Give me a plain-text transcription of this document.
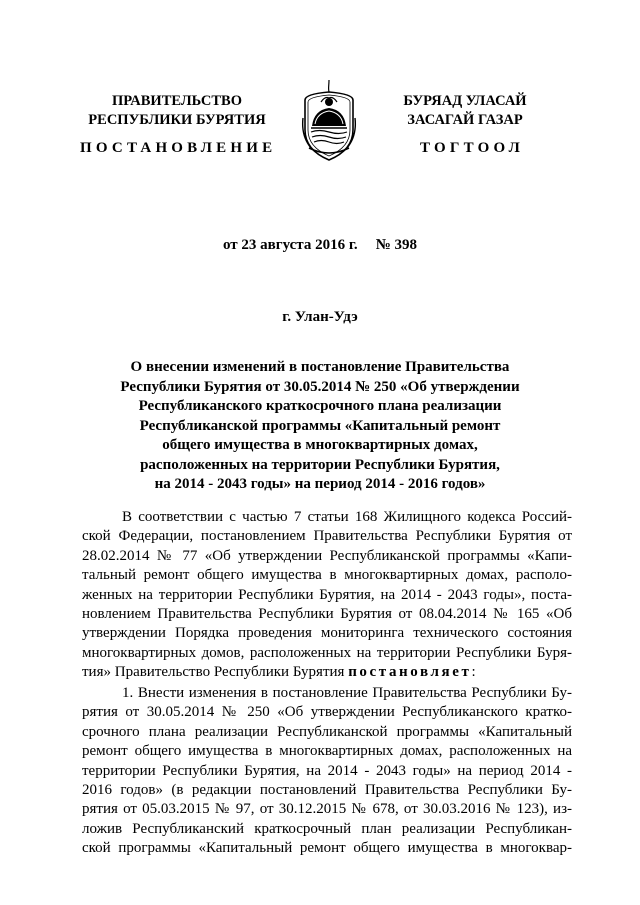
ПРАВИТЕЛЬСТВО
РЕСПУБЛИКИ БУРЯТИЯ
БУРЯАД УЛАСАЙ
ЗАСАГАЙ ГАЗАР
ПОСТАНОВЛЕНИЕ	ТОГТООЛ
от 23 августа 2016 г. № 398
г. Улан-Удэ
О внесении изменений в постановление Правительства
Республики Бурятия от 30.05.2014 № 250 «Об утверждении
Республиканского краткосрочного плана реализации
Республиканской программы «Капитальный ремонт
общего имущества в многоквартирных домах,
расположенных на территории Республики Бурятия,
на 2014 - 2043 годы» на период 2014 - 2016 годов»
В соответствии с частью 7 статьи 168 Жилищного кодекса Россий-
ской Федерации, постановлением Правительства Республики Бурятия от
28.02.2014 № 77 «Об утверждении Республиканской программы «Капи-
тальный ремонт общего имущества в многоквартирных домах, располо-
женных на территории Республики Бурятия, на 2014 - 2043 годы», поста-
новлением Правительства Республики Бурятия от 08.04.2014 № 165 «Об
утверждении Порядка проведения мониторинга технического состояния
многоквартирных домов, расположенных на территории Республики Буря-
тия» Правительство Республики Бурятия постановляет:
1. Внести изменения в постановление Правительства Республики Бу-
рятия от 30.05.2014 № 250 «Об утверждении Республиканского кратко-
срочного плана реализации Республиканской программы «Капитальный
ремонт общего имущества в многоквартирных домах, расположенных на
территории Республики Бурятия, на 2014 - 2043 годы» на период 2014 -
2016 годов» (в редакции постановлений Правительства Республики Бу-
рятия от 05.03.2015 № 97, от 30.12.2015 № 678, от 30.03.2016 № 123), из-
ложив Республиканский краткосрочный план реализации Республикан-
ской программы «Капитальный ремонт общего имущества в многоквар-
